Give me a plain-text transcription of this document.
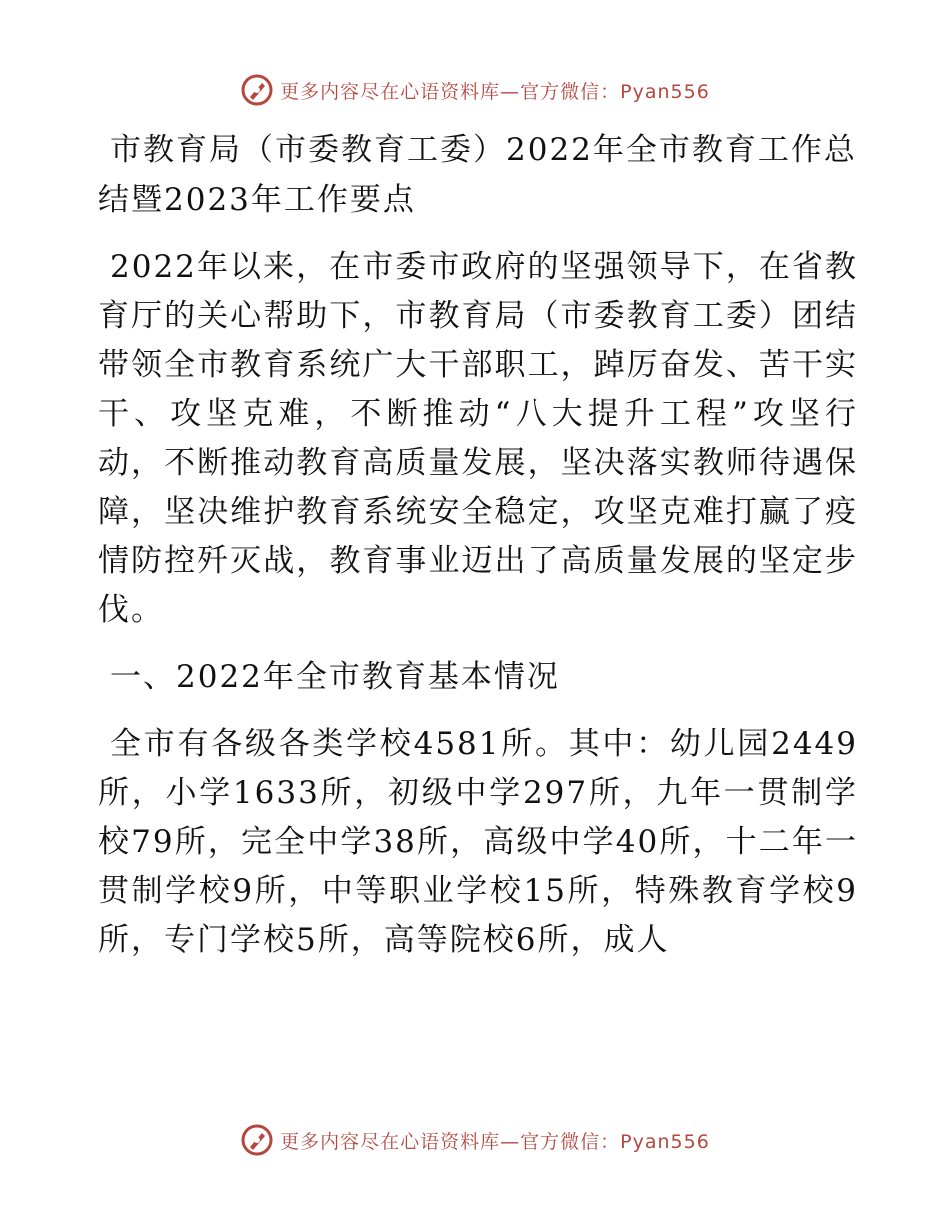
更多内容尽在心语资料库—官方微信：Pyan556
市教育局（市委教育工委）2022年全市教育工作总结暨2023年工作要点

2022年以来，在市委市政府的坚强领导下，在省教育厅的关心帮助下，市教育局（市委教育工委）团结带领全市教育系统广大干部职工，踔厉奋发、苦干实干、攻坚克难，不断推动“八大提升工程”攻坚行动，不断推动教育高质量发展，坚决落实教师待遇保障，坚决维护教育系统安全稳定，攻坚克难打赢了疫情防控歼灭战，教育事业迈出了高质量发展的坚定步伐。

一、2022年全市教育基本情况

全市有各级各类学校4581所。其中：幼儿园2449所，小学1633所，初级中学297所，九年一贯制学校79所，完全中学38所，高级中学40所，十二年一贯制学校9所，中等职业学校15所，特殊教育学校9所，专门学校5所，高等院校6所，成人

更多内容尽在心语资料库—官方微信：Pyan556
